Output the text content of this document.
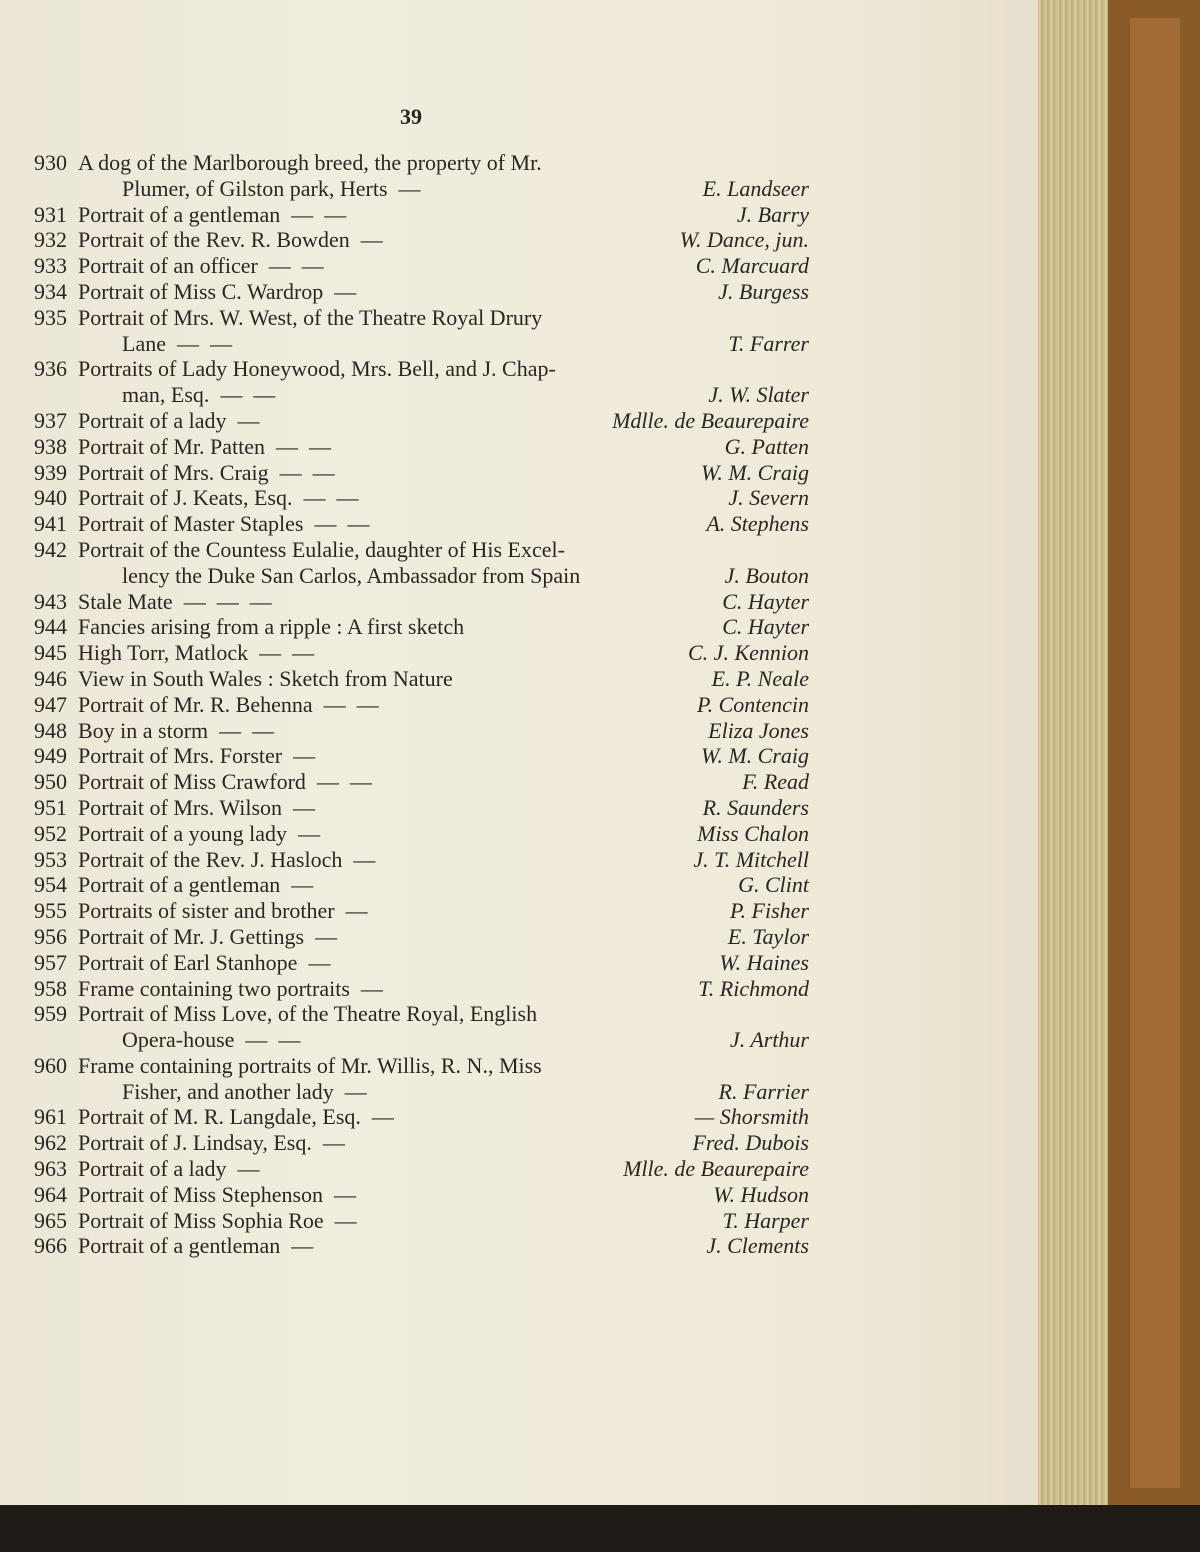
39
930 A dog of the Marlborough breed, the property of Mr.
Plumer, of Gilston park, Herts  —	E. Landseer
931 Portrait of a gentleman  —  —	J. Barry
932 Portrait of the Rev. R. Bowden  —	W. Dance, jun.
933 Portrait of an officer  —  —	C. Marcuard
934 Portrait of Miss C. Wardrop  —	J. Burgess
935 Portrait of Mrs. W. West, of the Theatre Royal Drury
Lane  —  —	T. Farrer
936 Portraits of Lady Honeywood, Mrs. Bell, and J. Chap-
man, Esq.  —  —	J. W. Slater
937 Portrait of a lady  —	Mdlle. de Beaurepaire
938 Portrait of Mr. Patten  —  —	G. Patten
939 Portrait of Mrs. Craig  —  —	W. M. Craig
940 Portrait of J. Keats, Esq.  —  —	J. Severn
941 Portrait of Master Staples  —  —	A. Stephens
942 Portrait of the Countess Eulalie, daughter of His Excel-
lency the Duke San Carlos, Ambassador from Spain	J. Bouton
943 Stale Mate  —  —  —	C. Hayter
944 Fancies arising from a ripple : A first sketch	C. Hayter
945 High Torr, Matlock  —  —	C. J. Kennion
946 View in South Wales : Sketch from Nature	E. P. Neale
947 Portrait of Mr. R. Behenna  —  —	P. Contencin
948 Boy in a storm  —  —	Eliza Jones
949 Portrait of Mrs. Forster  —	W. M. Craig
950 Portrait of Miss Crawford  —  —	F. Read
951 Portrait of Mrs. Wilson  —	R. Saunders
952 Portrait of a young lady  —	Miss Chalon
953 Portrait of the Rev. J. Hasloch  —	J. T. Mitchell
954 Portrait of a gentleman  —	G. Clint
955 Portraits of sister and brother  —	P. Fisher
956 Portrait of Mr. J. Gettings  —	E. Taylor
957 Portrait of Earl Stanhope  —	W. Haines
958 Frame containing two portraits  —	T. Richmond
959 Portrait of Miss Love, of the Theatre Royal, English
Opera-house  —  —	J. Arthur
960 Frame containing portraits of Mr. Willis, R. N., Miss
Fisher, and another lady  —	R. Farrier
961 Portrait of M. R. Langdale, Esq.  —	— Shorsmith
962 Portrait of J. Lindsay, Esq.  —	Fred. Dubois
963 Portrait of a lady  —	Mlle. de Beaurepaire
964 Portrait of Miss Stephenson  —	W. Hudson
965 Portrait of Miss Sophia Roe  —	T. Harper
966 Portrait of a gentleman  —	J. Clements
